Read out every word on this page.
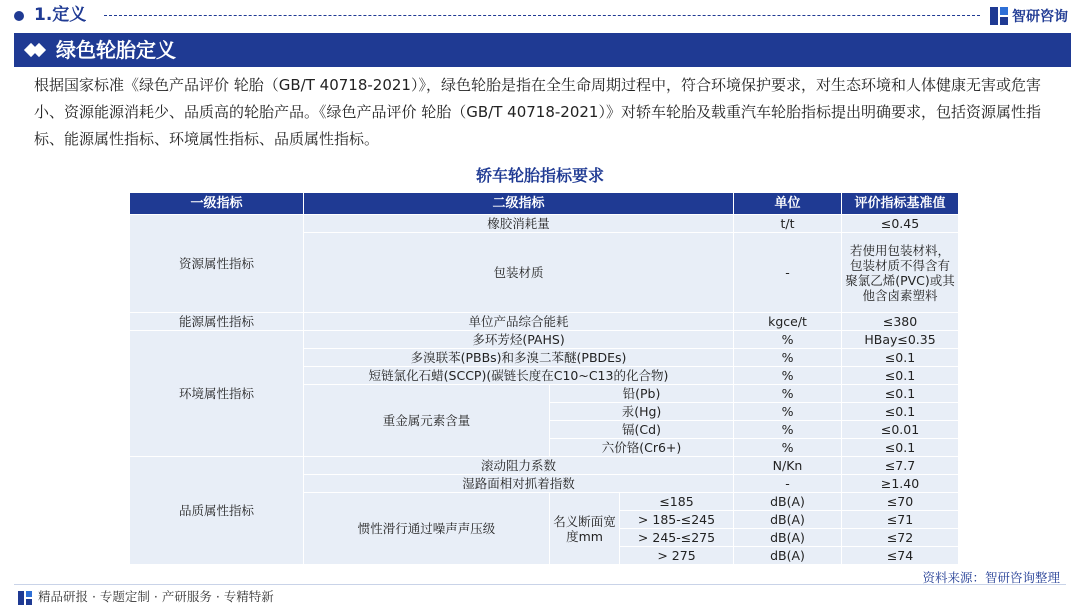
1.定义	智研咨询
绿色轮胎定义

根据国家标准《绿色产品评价 轮胎（GB/T 40718-2021）》，绿色轮胎是指在全生命周期过程中，符合环境保护要求，对生态环境和人体健康无害或危害小、资源能源消耗少、品质高的轮胎产品。《绿色产品评价 轮胎（GB/T 40718-2021）》对轿车轮胎及载重汽车轮胎指标提出明确要求，包括资源属性指标、能源属性指标、环境属性指标、品质属性指标。

轿车轮胎指标要求
一级指标	二级指标			单位	评价指标基准值
资源属性指标	橡胶消耗量			t/t	≤0.45
	包装材质			-	若使用包装材料，包装材质不得含有聚氯乙烯(PVC)或其他含卤素塑料
能源属性指标	单位产品综合能耗			kgce/t	≤380
环境属性指标	多环芳烃(PAHS)			%	HBay≤0.35
	多溴联苯(PBBs)和多溴二苯醚(PBDEs)			%	≤0.1
	短链氯化石蜡(SCCP)(碳链长度在C10~C13的化合物)			%	≤0.1
	重金属元素含量	铅(Pb)		%	≤0.1
		汞(Hg)		%	≤0.1
		镉(Cd)		%	≤0.01
		六价铬(Cr6+)		%	≤0.1
品质属性指标	滚动阻力系数			N/Kn	≤7.7
	湿路面相对抓着指数			-	≥1.40
	惯性滑行通过噪声声压级	名义断面宽度mm	≤185	dB(A)	≤70
			> 185-≤245	dB(A)	≤71
			> 245-≤275	dB(A)	≤72
			> 275	dB(A)	≤74
资料来源：智研咨询整理
精品研报 · 专题定制 · 产研服务 · 专精特新
